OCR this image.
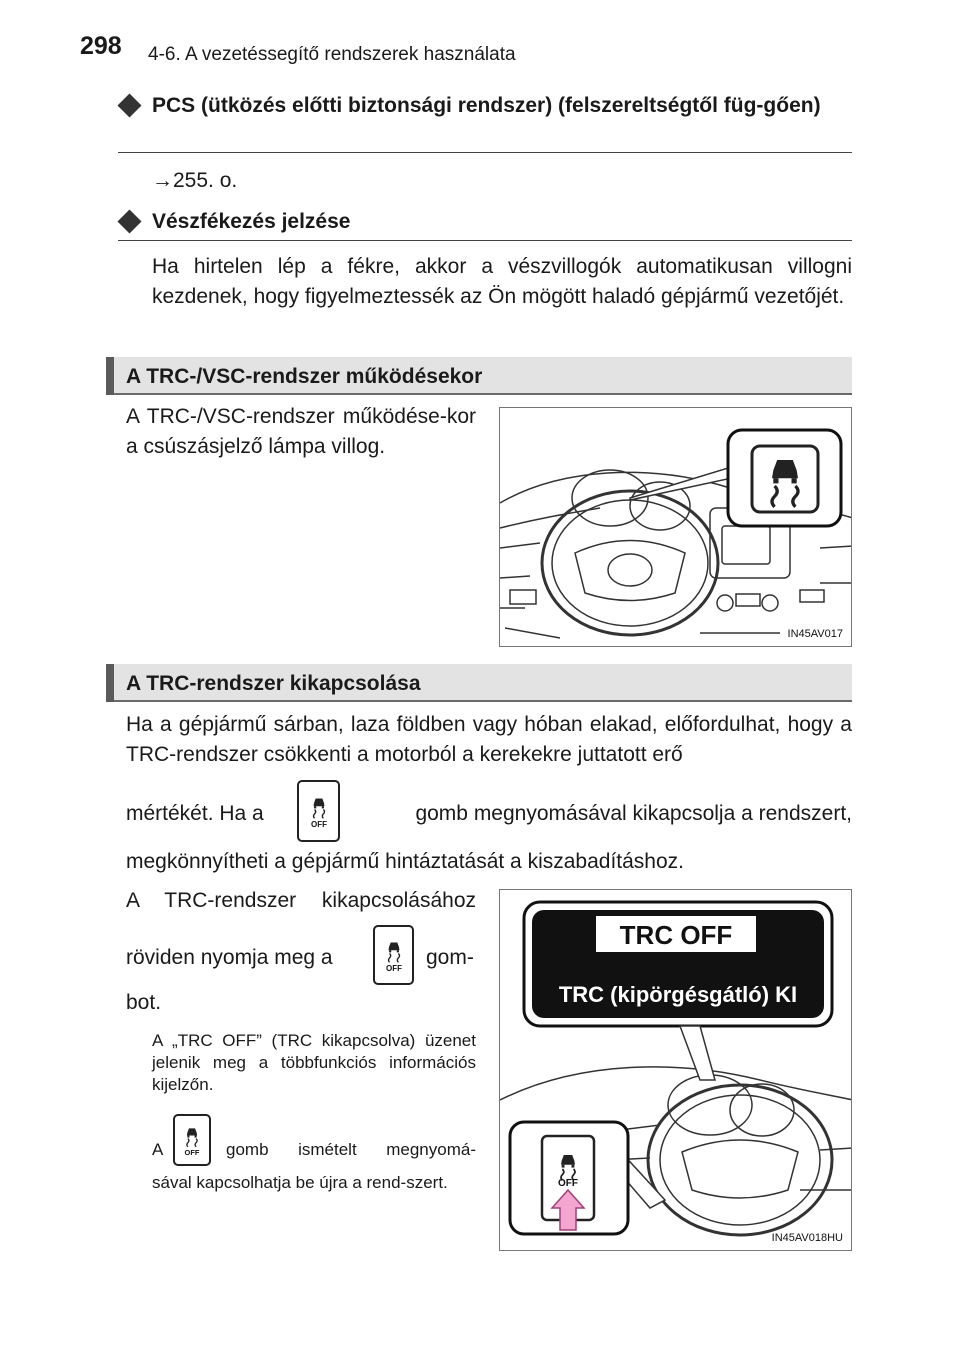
298 4-6. A vezetéssegítő rendszerek használata
PCS (ütközés előtti biztonsági rendszer) (felszereltségtől füg-gően)
→255. o.
Vészfékezés jelzése
Ha hirtelen lép a fékre, akkor a vészvillogók automatikusan villogni kezdenek, hogy figyelmeztessék az Ön mögött haladó gépjármű vezetőjét.
A TRC-/VSC-rendszer működésekor
A TRC-/VSC-rendszer működése-kor a csúszásjelző lámpa villog.
IN45AV017
A TRC-rendszer kikapcsolása
Ha a gépjármű sárban, laza földben vagy hóban elakad, előfordulhat, hogy a TRC-rendszer csökkenti a motorból a kerekekre juttatott erő
mértékét. Ha a	gomb megnyomásával kikapcsolja a rendszert,
OFF
megkönnyítheti a gépjármű hintáztatását a kiszabadításhoz.
A TRC-rendszer kikapcsolásához
röviden nyomja meg a	OFF gom-
bot.
A „TRC OFF” (TRC kikapcsolva) üzenet jelenik meg a többfunkciós információs kijelzőn.
A	OFF gomb ismételt megnyomá-
sával kapcsolhatja be újra a rend-szert.
TRC OFF
TRC (kipörgésgátló) KI
OFF
IN45AV018HU
